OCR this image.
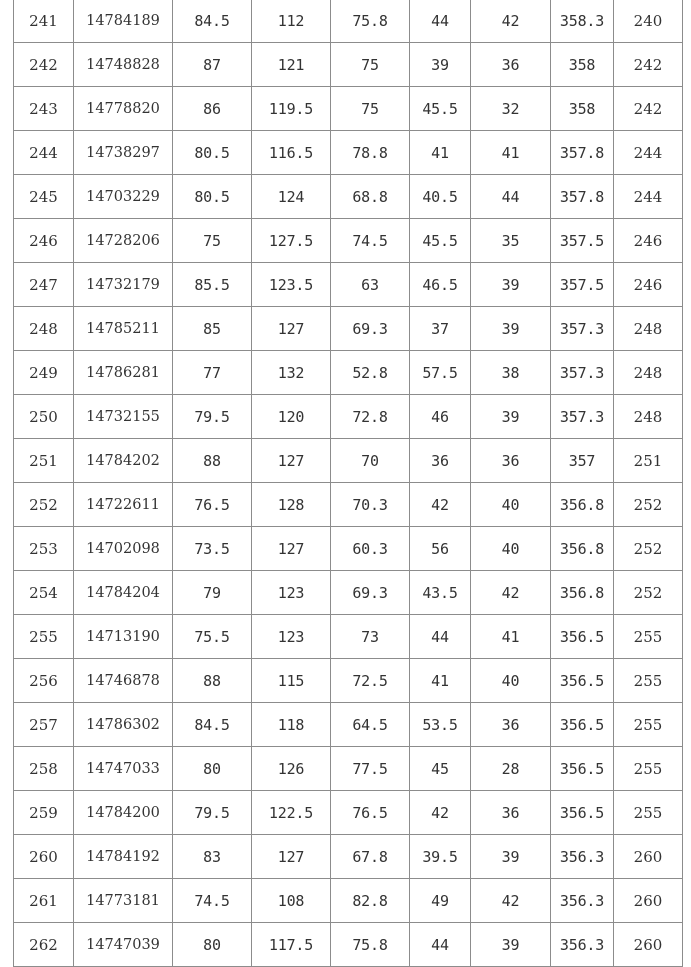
241	14784189	84.5	112	75.8	44	42	358.3	240
242	14748828	87	121	75	39	36	358	242
243	14778820	86	119.5	75	45.5	32	358	242
244	14738297	80.5	116.5	78.8	41	41	357.8	244
245	14703229	80.5	124	68.8	40.5	44	357.8	244
246	14728206	75	127.5	74.5	45.5	35	357.5	246
247	14732179	85.5	123.5	63	46.5	39	357.5	246
248	14785211	85	127	69.3	37	39	357.3	248
249	14786281	77	132	52.8	57.5	38	357.3	248
250	14732155	79.5	120	72.8	46	39	357.3	248
251	14784202	88	127	70	36	36	357	251
252	14722611	76.5	128	70.3	42	40	356.8	252
253	14702098	73.5	127	60.3	56	40	356.8	252
254	14784204	79	123	69.3	43.5	42	356.8	252
255	14713190	75.5	123	73	44	41	356.5	255
256	14746878	88	115	72.5	41	40	356.5	255
257	14786302	84.5	118	64.5	53.5	36	356.5	255
258	14747033	80	126	77.5	45	28	356.5	255
259	14784200	79.5	122.5	76.5	42	36	356.5	255
260	14784192	83	127	67.8	39.5	39	356.3	260
261	14773181	74.5	108	82.8	49	42	356.3	260
262	14747039	80	117.5	75.8	44	39	356.3	260
